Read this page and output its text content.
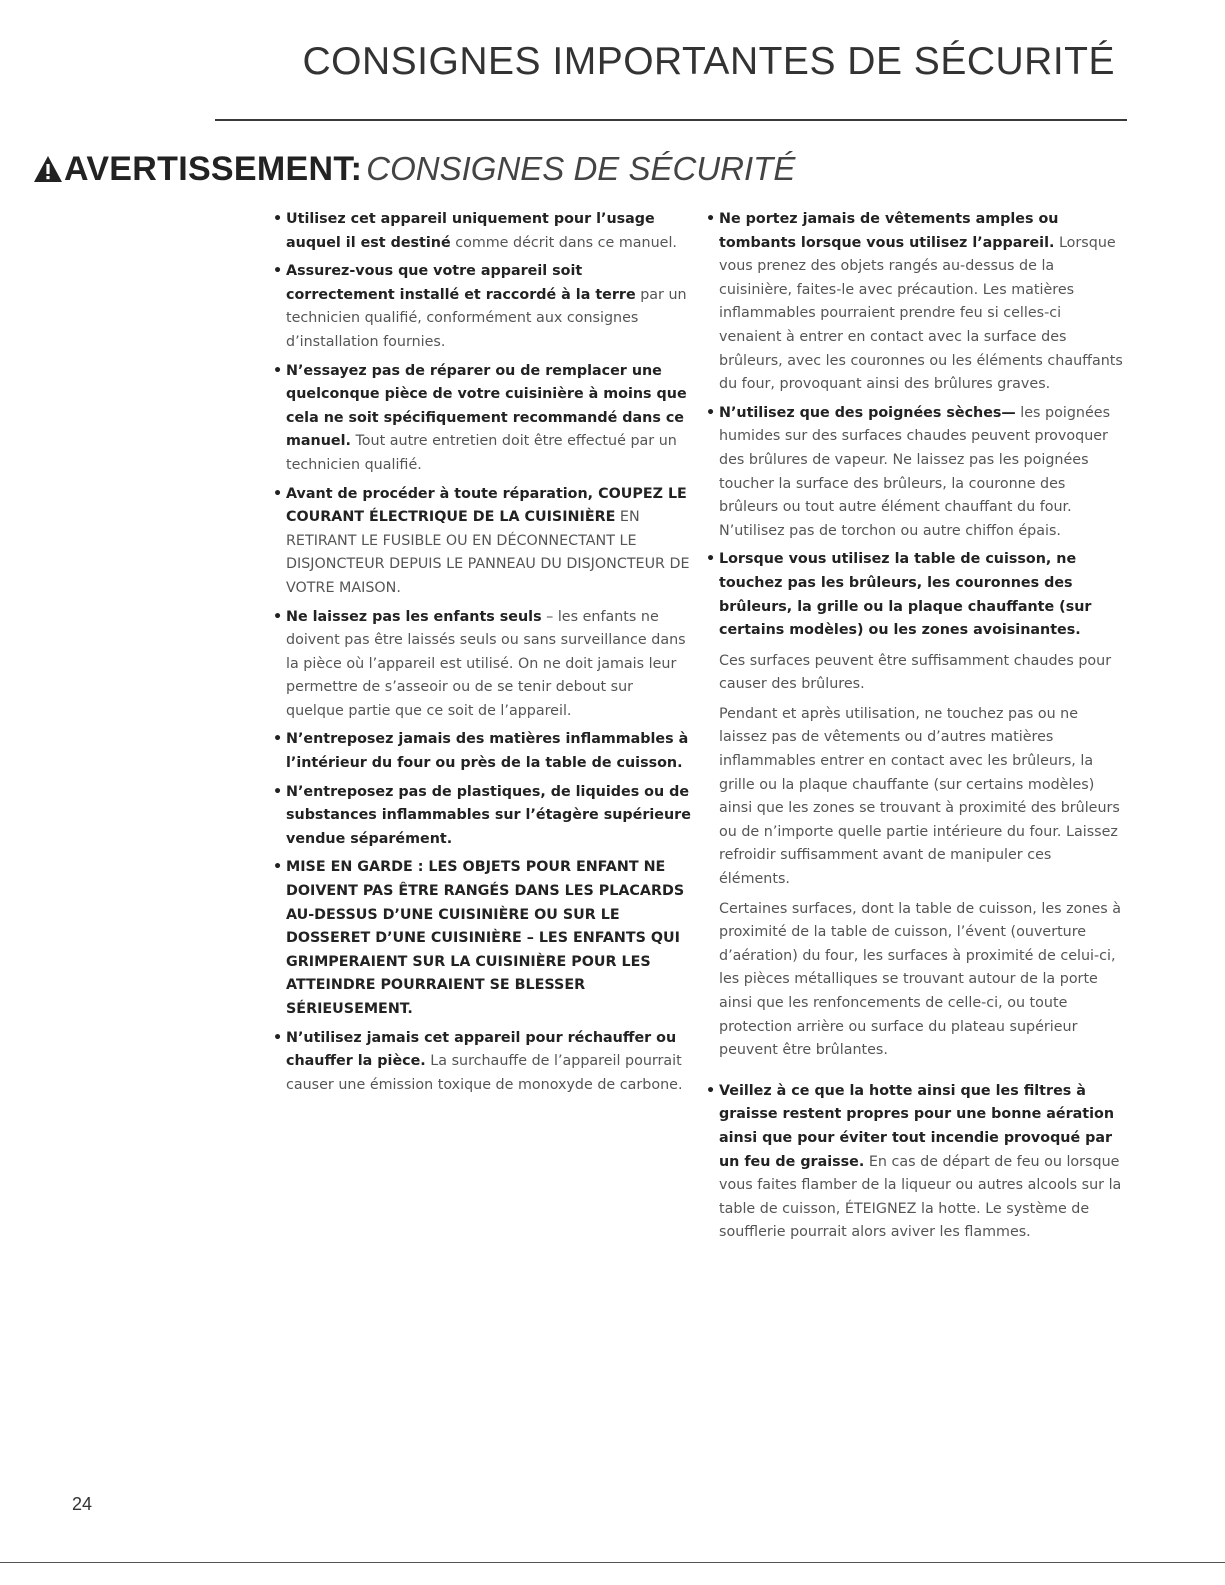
CONSIGNES IMPORTANTES DE SÉCURITÉ
AVERTISSEMENT: CONSIGNES DE SÉCURITÉ
• Utilisez cet appareil uniquement pour l’usage auquel il est destiné comme décrit dans ce manuel.
• Assurez-vous que votre appareil soit correctement installé et raccordé à la terre par un technicien qualifié, conformément aux consignes d’installation fournies.
• N’essayez pas de réparer ou de remplacer une quelconque pièce de votre cuisinière à moins que cela ne soit spécifiquement recommandé dans ce manuel. Tout autre entretien doit être effectué par un technicien qualifié.
• Avant de procéder à toute réparation, COUPEZ LE COURANT ÉLECTRIQUE DE LA CUISINIÈRE EN RETIRANT LE FUSIBLE OU EN DÉCONNECTANT LE DISJONCTEUR DEPUIS LE PANNEAU DU DISJONCTEUR DE VOTRE MAISON.
• Ne laissez pas les enfants seuls – les enfants ne doivent pas être laissés seuls ou sans surveillance dans la pièce où l’appareil est utilisé. On ne doit jamais leur permettre de s’asseoir ou de se tenir debout sur quelque partie que ce soit de l’appareil.
• N’entreposez jamais des matières inflammables à l’intérieur du four ou près de la table de cuisson.
• N’entreposez pas de plastiques, de liquides ou de substances inflammables sur l’étagère supérieure vendue séparément.
• MISE EN GARDE : LES OBJETS POUR ENFANT NE DOIVENT PAS ÊTRE RANGÉS DANS LES PLACARDS AU-DESSUS D’UNE CUISINIÈRE OU SUR LE DOSSERET D’UNE CUISINIÈRE – LES ENFANTS QUI GRIMPERAIENT SUR LA CUISINIÈRE POUR LES ATTEINDRE POURRAIENT SE BLESSER SÉRIEUSEMENT.
• N’utilisez jamais cet appareil pour réchauffer ou chauffer la pièce. La surchauffe de l’appareil pourrait causer une émission toxique de monoxyde de carbone.
• Ne portez jamais de vêtements amples ou tombants lorsque vous utilisez l’appareil. Lorsque vous prenez des objets rangés au-dessus de la cuisinière, faites-le avec précaution. Les matières inflammables pourraient prendre feu si celles-ci venaient à entrer en contact avec la surface des brûleurs, avec les couronnes ou les éléments chauffants du four, provoquant ainsi des brûlures graves.
• N’utilisez que des poignées sèches— les poignées humides sur des surfaces chaudes peuvent provoquer des brûlures de vapeur. Ne laissez pas les poignées toucher la surface des brûleurs, la couronne des brûleurs ou tout autre élément chauffant du four. N’utilisez pas de torchon ou autre chiffon épais.
• Lorsque vous utilisez la table de cuisson, ne touchez pas les brûleurs, les couronnes des brûleurs, la grille ou la plaque chauffante (sur certains modèles) ou les zones avoisinantes.
Ces surfaces peuvent être suffisamment chaudes pour causer des brûlures.
Pendant et après utilisation, ne touchez pas ou ne laissez pas de vêtements ou d’autres matières inflammables entrer en contact avec les brûleurs, la grille ou la plaque chauffante (sur certains modèles) ainsi que les zones se trouvant à proximité des brûleurs ou de n’importe quelle partie intérieure du four. Laissez refroidir suffisamment avant de manipuler ces éléments.
Certaines surfaces, dont la table de cuisson, les zones à proximité de la table de cuisson, l’évent (ouverture d’aération) du four, les surfaces à proximité de celui-ci, les pièces métalliques se trouvant autour de la porte ainsi que les renfoncements de celle-ci, ou toute protection arrière ou surface du plateau supérieur peuvent être brûlantes.
• Veillez à ce que la hotte ainsi que les filtres à graisse restent propres pour une bonne aération ainsi que pour éviter tout incendie provoqué par un feu de graisse. En cas de départ de feu ou lorsque vous faites flamber de la liqueur ou autres alcools sur la table de cuisson, ÉTEIGNEZ la hotte. Le système de soufflerie pourrait alors aviver les flammes.
24
